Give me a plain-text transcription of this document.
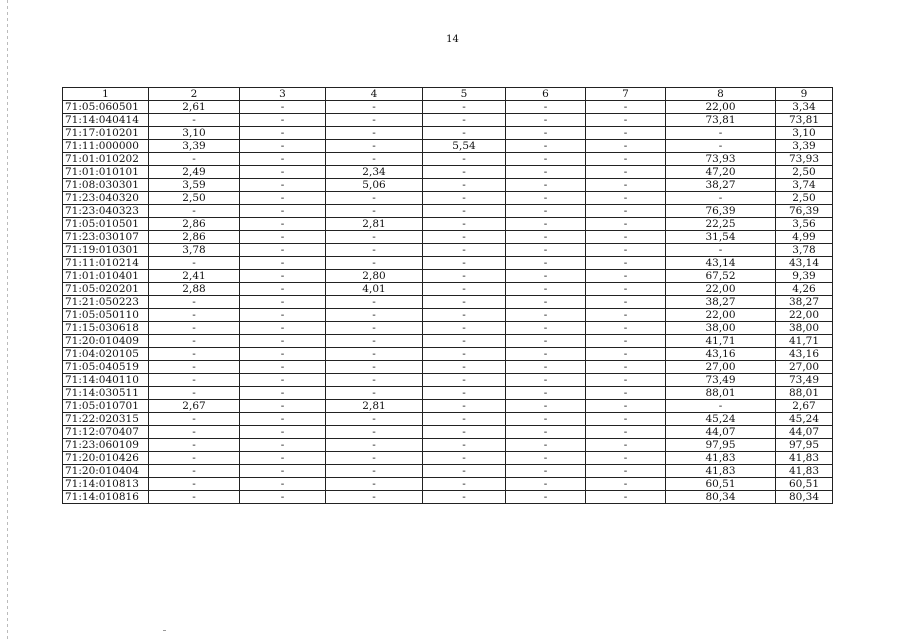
14
1	2	3	4	5	6	7	8	9
71:05:060501	2,61	-	-	-	-	-	22,00	3,34
71:14:040414	-	-	-	-	-	-	73,81	73,81
71:17:010201	3,10	-	-	-	-	-	-	3,10
71:11:000000	3,39	-	-	5,54	-	-	-	3,39
71:01:010202	-	-	-	-	-	-	73,93	73,93
71:01:010101	2,49	-	2,34	-	-	-	47,20	2,50
71:08:030301	3,59	-	5,06	-	-	-	38,27	3,74
71:23:040320	2,50	-	-	-	-	-	-	2,50
71:23:040323	-	-	-	-	-	-	76,39	76,39
71:05:010501	2,86	-	2,81	-	-	-	22,25	3,56
71:23:030107	2,86	-	-	-	-	-	31,54	4,99
71:19:010301	3,78	-	-	-	-	-	-	3,78
71:11:010214	-	-	-	-	-	-	43,14	43,14
71:01:010401	2,41	-	2,80	-	-	-	67,52	9,39
71:05:020201	2,88	-	4,01	-	-	-	22,00	4,26
71:21:050223	-	-	-	-	-	-	38,27	38,27
71:05:050110	-	-	-	-	-	-	22,00	22,00
71:15:030618	-	-	-	-	-	-	38,00	38,00
71:20:010409	-	-	-	-	-	-	41,71	41,71
71:04:020105	-	-	-	-	-	-	43,16	43,16
71:05:040519	-	-	-	-	-	-	27,00	27,00
71:14:040110	-	-	-	-	-	-	73,49	73,49
71:14:030511	-	-	-	-	-	-	88,01	88,01
71:05:010701	2,67	-	2,81	-	-	-	-	2,67
71:22:020315	-	-	-	-	-	-	45,24	45,24
71:12:070407	-	-	-	-	-	-	44,07	44,07
71:23:060109	-	-	-	-	-	-	97,95	97,95
71:20:010426	-	-	-	-	-	-	41,83	41,83
71:20:010404	-	-	-	-	-	-	41,83	41,83
71:14:010813	-	-	-	-	-	-	60,51	60,51
71:14:010816	-	-	-	-	-	-	80,34	80,34
